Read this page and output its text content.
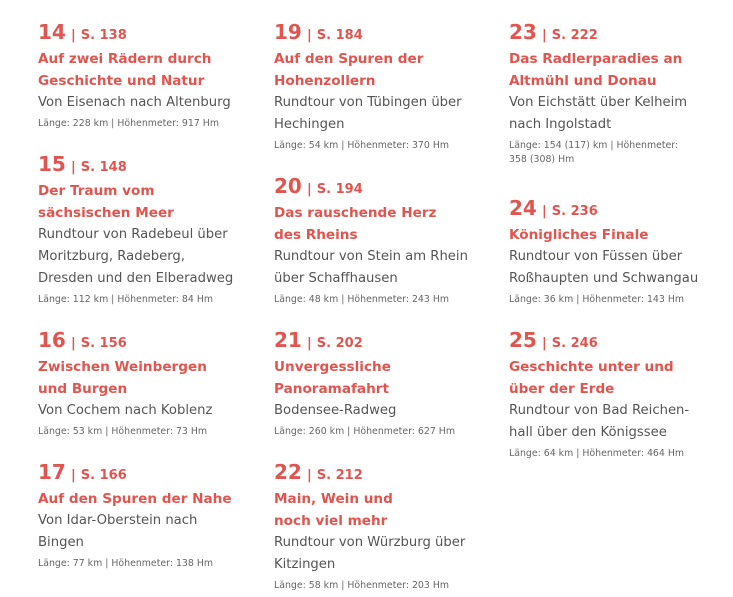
14 | S. 138
Auf zwei Rädern durch
Geschichte und Natur
Von Eisenach nach Altenburg
Länge: 228 km | Höhenmeter: 917 Hm
15 | S. 148
Der Traum vom
sächsischen Meer
Rundtour von Radebeul über
Moritzburg, Radeberg,
Dresden und den Elberadweg
Länge: 112 km | Höhenmeter: 84 Hm
16 | S. 156
Zwischen Weinbergen
und Burgen
Von Cochem nach Koblenz
Länge: 53 km | Höhenmeter: 73 Hm
17 | S. 166
Auf den Spuren der Nahe
Von Idar-Oberstein nach
Bingen
Länge: 77 km | Höhenmeter: 138 Hm
19 | S. 184
Auf den Spuren der
Hohenzollern
Rundtour von Tübingen über
Hechingen
Länge: 54 km | Höhenmeter: 370 Hm
20 | S. 194
Das rauschende Herz
des Rheins
Rundtour von Stein am Rhein
über Schaffhausen
Länge: 48 km | Höhenmeter: 243 Hm
21 | S. 202
Unvergessliche
Panoramafahrt
Bodensee-Radweg
Länge: 260 km | Höhenmeter: 627 Hm
22 | S. 212
Main, Wein und
noch viel mehr
Rundtour von Würzburg über
Kitzingen
Länge: 58 km | Höhenmeter: 203 Hm
23 | S. 222
Das Radlerparadies an
Altmühl und Donau
Von Eichstätt über Kelheim
nach Ingolstadt
Länge: 154 (117) km | Höhenmeter:
358 (308) Hm
24 | S. 236
Königliches Finale
Rundtour von Füssen über
Roßhaupten und Schwangau
Länge: 36 km | Höhenmeter: 143 Hm
25 | S. 246
Geschichte unter und
über der Erde
Rundtour von Bad Reichen-
hall über den Königssee
Länge: 64 km | Höhenmeter: 464 Hm
